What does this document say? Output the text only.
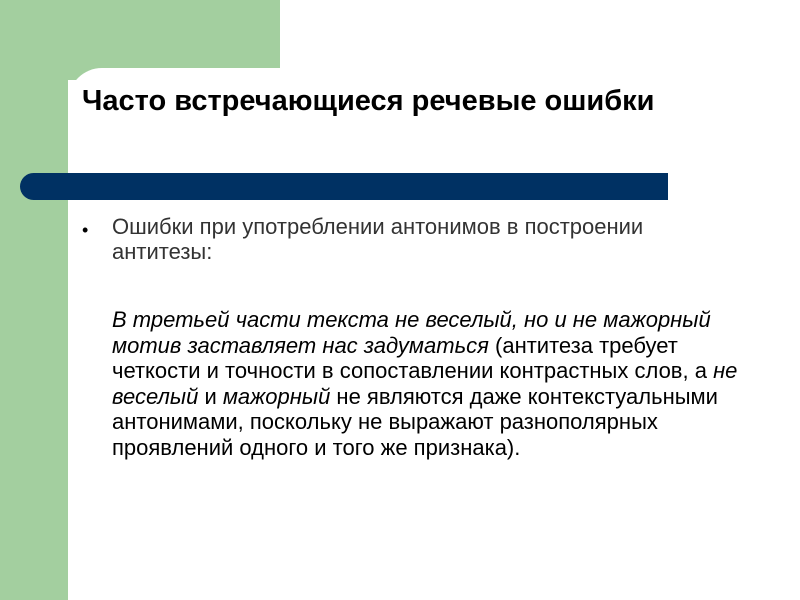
Часто встречающиеся речевые ошибки
• Ошибки при употреблении антонимов в построении антитезы:

В третьей части текста не веселый, но и не мажорный мотив заставляет нас задуматься (антитеза требует четкости и точности в сопоставлении контрастных слов, а не веселый и мажорный не являются даже контекстуальными антонимами, поскольку не выражают разнополярных проявлений одного и того же признака).
